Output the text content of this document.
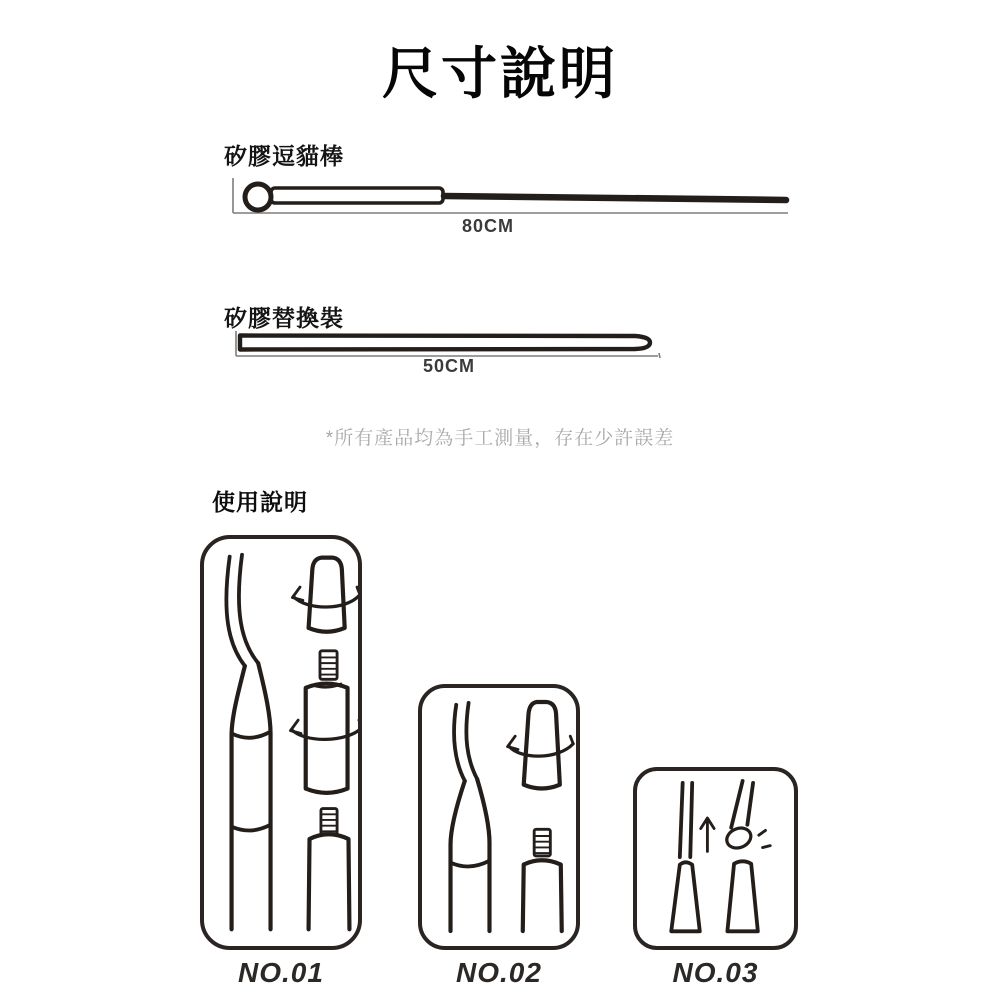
尺寸說明
矽膠逗貓棒
80CM
矽膠替換裝
50CM
*所有產品均為手工測量，存在少許誤差
使用說明
NO.01	NO.02	NO.03
